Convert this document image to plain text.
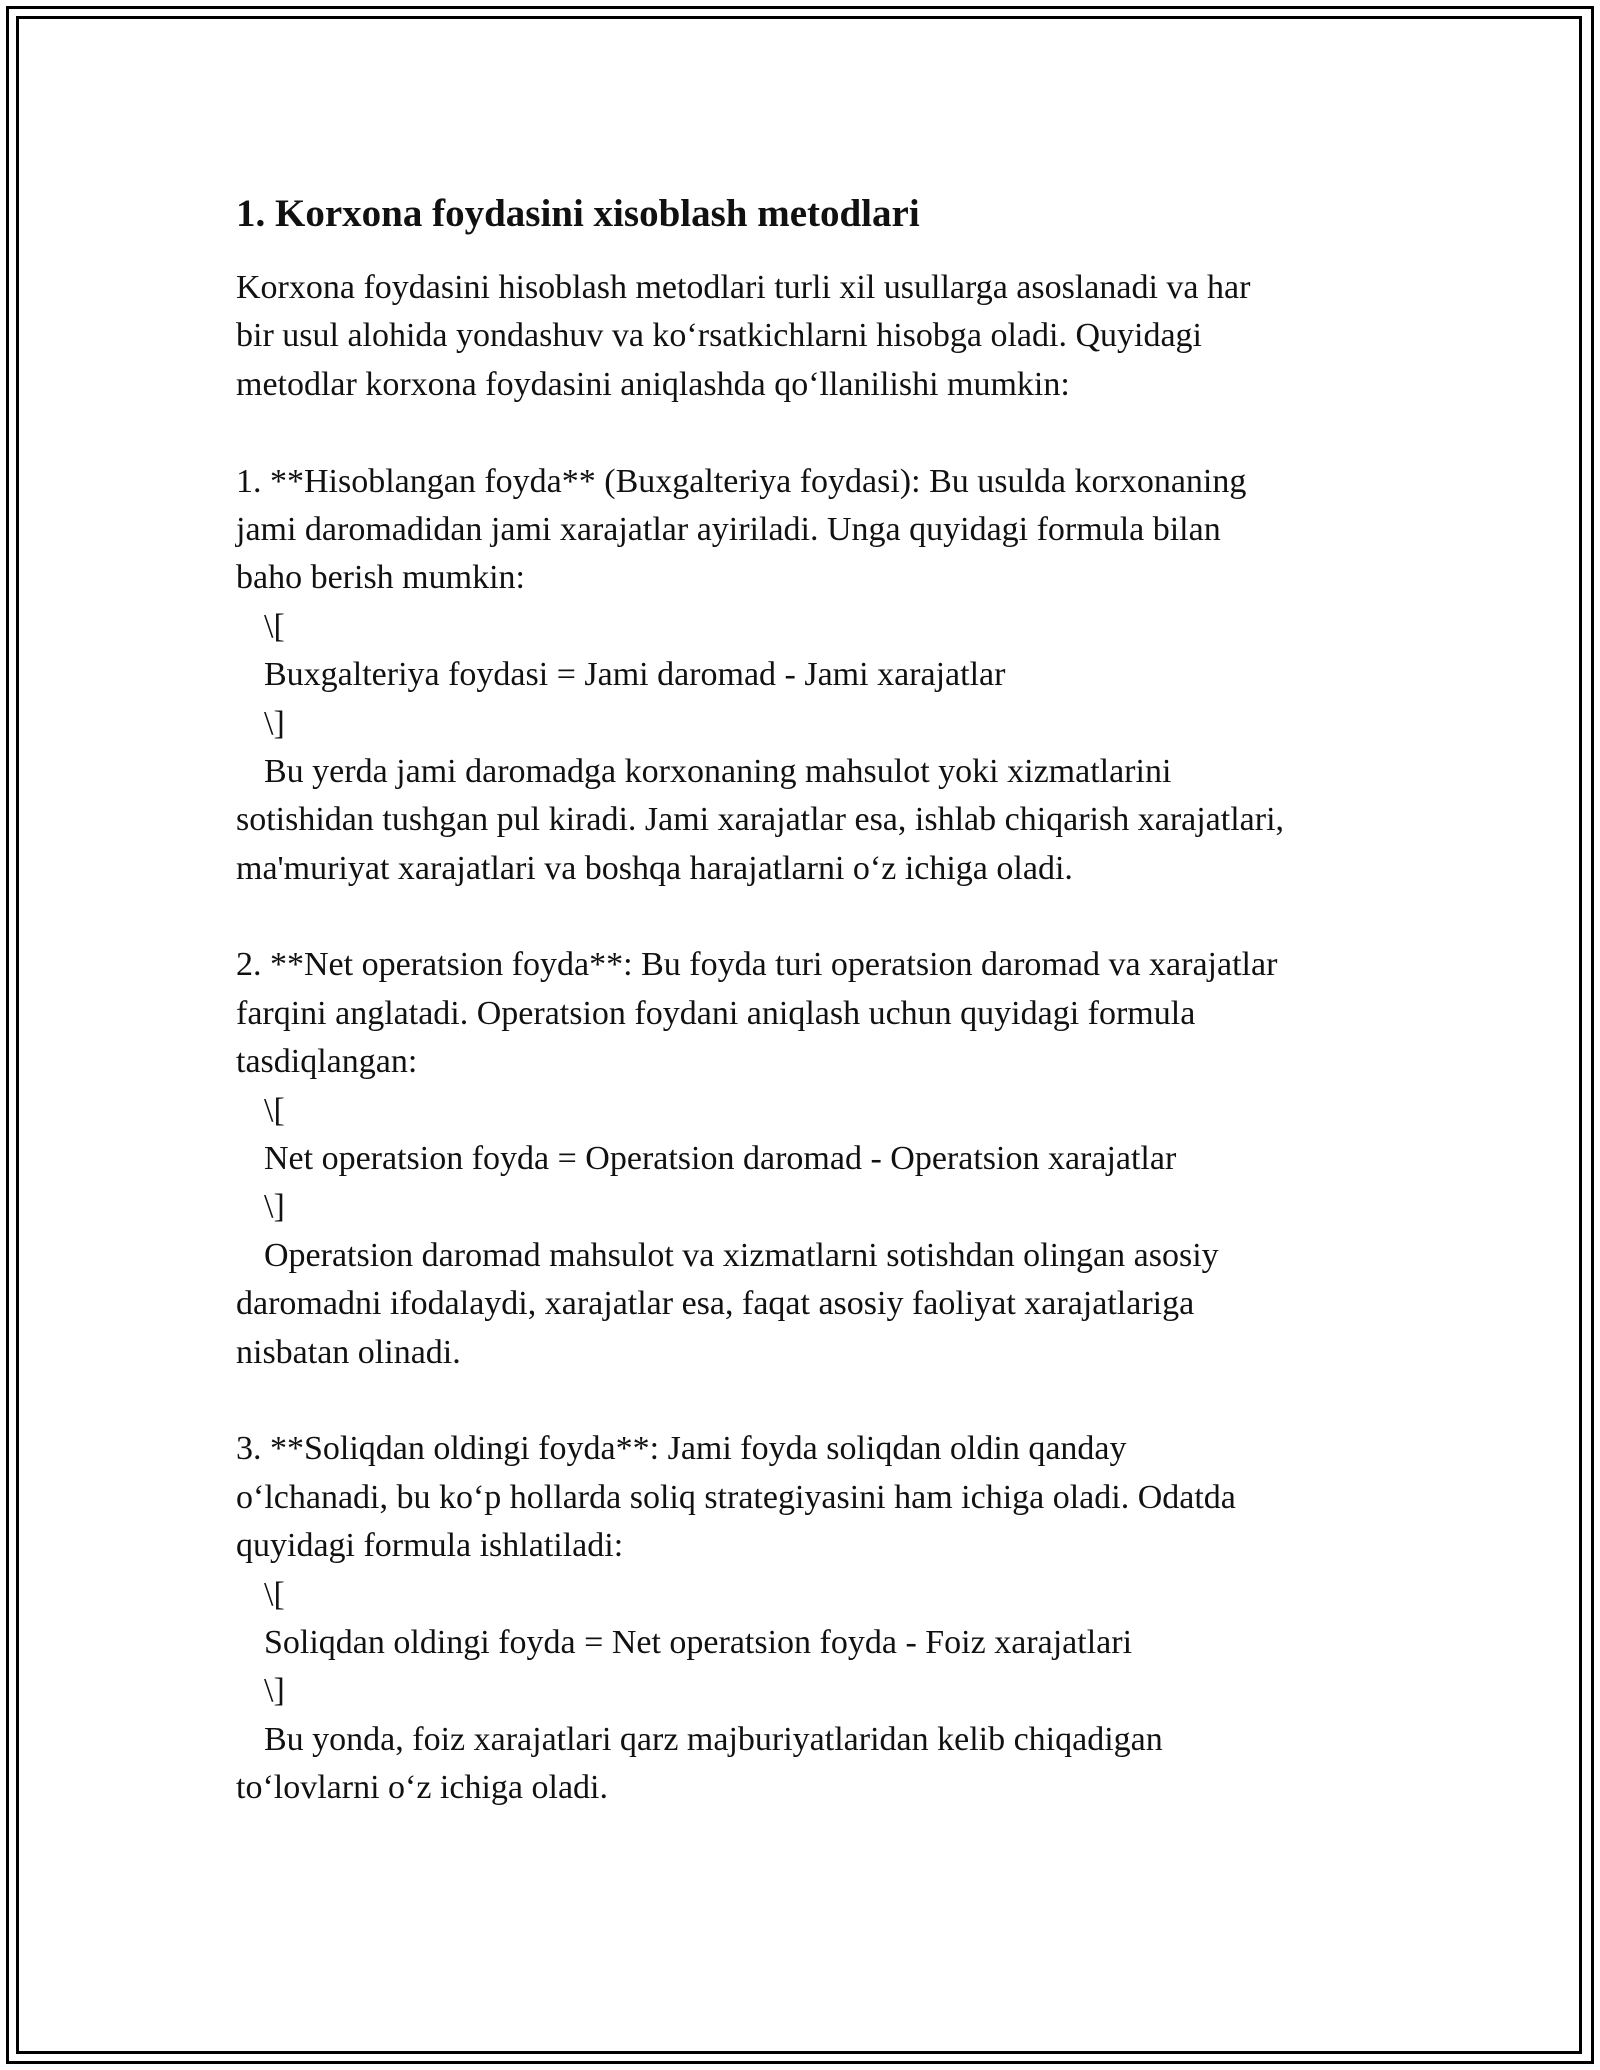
1. Korxona foydasini xisoblash metodlari
Korxona foydasini hisoblash metodlari turli xil usullarga asoslanadi va har
bir usul alohida yondashuv va ko‘rsatkichlarni hisobga oladi. Quyidagi
metodlar korxona foydasini aniqlashda qo‘llanilishi mumkin:
1. **Hisoblangan foyda** (Buxgalteriya foydasi): Bu usulda korxonaning
jami daromadidan jami xarajatlar ayiriladi. Unga quyidagi formula bilan
baho berish mumkin:
\[
Buxgalteriya foydasi = Jami daromad - Jami xarajatlar
\]
Bu yerda jami daromadga korxonaning mahsulot yoki xizmatlarini
sotishidan tushgan pul kiradi. Jami xarajatlar esa, ishlab chiqarish xarajatlari,
ma'muriyat xarajatlari va boshqa harajatlarni o‘z ichiga oladi.
2. **Net operatsion foyda**: Bu foyda turi operatsion daromad va xarajatlar
farqini anglatadi. Operatsion foydani aniqlash uchun quyidagi formula
tasdiqlangan:
\[
Net operatsion foyda = Operatsion daromad - Operatsion xarajatlar
\]
Operatsion daromad mahsulot va xizmatlarni sotishdan olingan asosiy
daromadni ifodalaydi, xarajatlar esa, faqat asosiy faoliyat xarajatlariga
nisbatan olinadi.
3. **Soliqdan oldingi foyda**: Jami foyda soliqdan oldin qanday
o‘lchanadi, bu ko‘p hollarda soliq strategiyasini ham ichiga oladi. Odatda
quyidagi formula ishlatiladi:
\[
Soliqdan oldingi foyda = Net operatsion foyda - Foiz xarajatlari
\]
Bu yonda, foiz xarajatlari qarz majburiyatlaridan kelib chiqadigan
to‘lovlarni o‘z ichiga oladi.
